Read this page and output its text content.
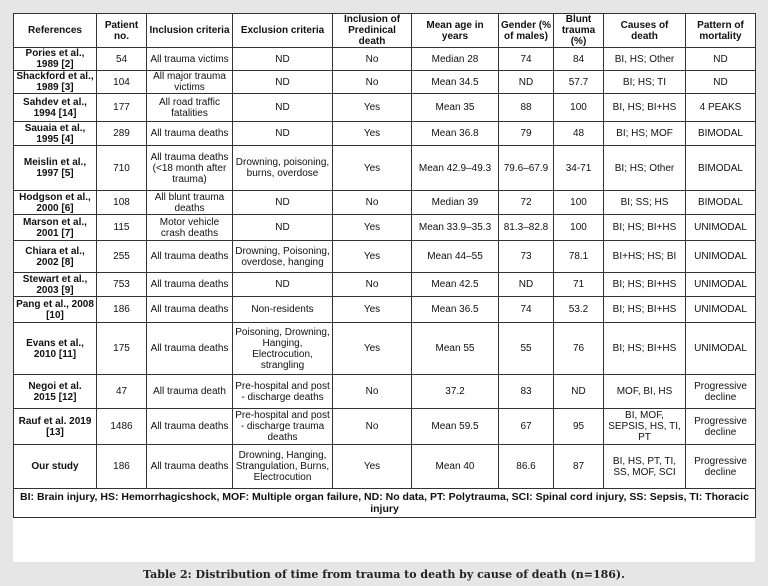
References	Patient no.	Inclusion criteria	Exclusion criteria	Inclusion of Predinical death	Mean age in years	Gender (% of males)	Blunt trauma (%)	Causes of death	Pattern of mortality
Pories et al., 1989 [2]	54	All trauma victims	ND	No	Median 28	74	84	BI, HS; Other	ND
Shackford et al., 1989 [3]	104	All major trauma victims	ND	No	Mean 34.5	ND	57.7	BI; HS; TI	ND
Sahdev et al., 1994 [14]	177	All road traffic fatalities	ND	Yes	Mean 35	88	100	BI, HS; BI+HS	4 PEAKS
Sauaia et al., 1995 [4]	289	All trauma deaths	ND	Yes	Mean 36.8	79	48	BI; HS; MOF	BIMODAL
Meislin et al., 1997 [5]	710	All trauma deaths (<18 month after trauma)	Drowning, poisoning, burns, overdose	Yes	Mean 42.9–49.3	79.6–67.9	34-71	BI; HS; Other	BIMODAL
Hodgson et al., 2000 [6]	108	All blunt trauma deaths	ND	No	Median 39	72	100	BI; SS; HS	BIMODAL
Marson et al., 2001 [7]	115	Motor vehicle crash deaths	ND	Yes	Mean 33.9–35.3	81.3–82.8	100	BI; HS; BI+HS	UNIMODAL
Chiara et al., 2002 [8]	255	All trauma deaths	Drowning, Poisoning, overdose, hanging	Yes	Mean 44–55	73	78.1	BI+HS; HS; BI	UNIMODAL
Stewart et al., 2003 [9]	753	All trauma deaths	ND	No	Mean 42.5	ND	71	BI; HS; BI+HS	UNIMODAL
Pang et al., 2008 [10]	186	All trauma deaths	Non-residents	Yes	Mean 36.5	74	53.2	BI; HS; BI+HS	UNIMODAL
Evans et al., 2010 [11]	175	All trauma deaths	Poisoning, Drowning, Hanging, Electrocution, strangling	Yes	Mean 55	55	76	BI; HS; BI+HS	UNIMODAL
Negoi et al. 2015 [12]	47	All trauma death	Pre-hospital and post - discharge deaths	No	37.2	83	ND	MOF, BI, HS	Progressive decline
Rauf et al. 2019 [13]	1486	All trauma deaths	Pre-hospital and post - discharge trauma deaths	No	Mean 59.5	67	95	BI, MOF, SEPSIS, HS, TI, PT	Progressive decline
Our study	186	All trauma deaths	Drowning, Hanging, Strangulation, Burns, Electrocution	Yes	Mean 40	86.6	87	BI, HS, PT, TI, SS, MOF, SCI	Progressive decline
BI: Brain injury, HS: Hemorrhagicshock, MOF: Multiple organ failure, ND: No data, PT: Polytrauma, SCI: Spinal cord injury, SS: Sepsis, TI: Thoracic injury									
Table 2: Distribution of time from trauma to death by cause of death (n=186).
